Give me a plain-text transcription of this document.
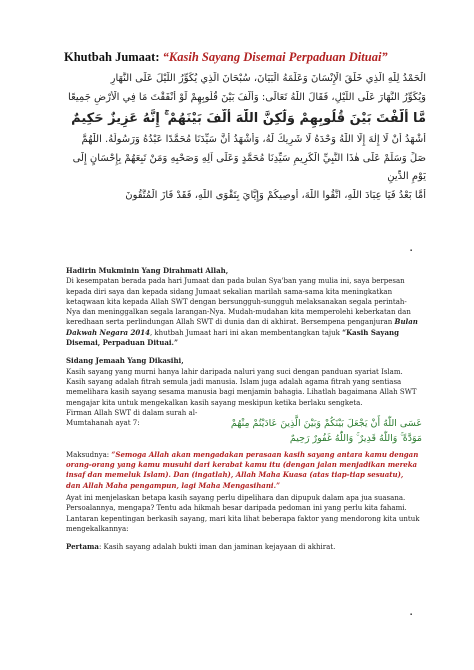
Khutbah Jumaat: “Kasih Sayang Disemai Perpaduan Dituai”
الْحَمْدُ لِلّٰهِ الَّذِي خَلَقَ الْإِنْسَانَ وَعَلَّمَهُ الْبَيَانَ، سُبْحَانَ الَّذِي يُكَوِّرُ اللَّيْلَ عَلَى النَّهَارِ
وَيُكَوِّرُ النَّهَارَ عَلَى اللَّيْلِ، فَقَالَ اللّٰهُ تَعَالَى: وَأَلَّفَ بَيْنَ قُلُوبِهِمْ لَوْ أَنْفَقْتَ مَا فِي الْأَرْضِ جَمِيعًا
مَّا أَلَّفْتَ بَيْنَ قُلُوبِهِمْ وَلَٰكِنَّ اللّٰهَ أَلَّفَ بَيْنَهُمْ ۚ إِنَّهُ عَزِيزٌ حَكِيمٌ
أَشْهَدُ أَنْ لَا إِلٰهَ إِلَّا اللّٰهُ وَحْدَهُ لَا شَرِيكَ لَهُ، وَأَشْهَدُ أَنَّ سَيِّدَنَا مُحَمَّدًا عَبْدُهُ وَرَسُولُهُ. اللّٰهُمَّ
صَلِّ وَسَلِّمْ عَلَى هٰذَا النَّبِيِّ الْكَرِيمِ سَيِّدِنَا مُحَمَّدٍ وَعَلَى آلِهِ وَصَحْبِهِ وَمَنْ تَبِعَهُمْ بِإِحْسَانٍ إِلَى
يَوْمِ الدِّينِ
أَمَّا بَعْدُ فَيَا عِبَادَ اللّٰهِ، اتَّقُوا اللّٰهَ، أُوصِيكُمْ وَإِيَّايَ بِتَقْوَى اللّٰهِ، فَقَدْ فَازَ الْمُتَّقُونَ
▪

Hadirin Mukminin Yang Dirahmati Allah,
Di kesempatan berada pada hari Jumaat dan pada bulan Sya'ban yang mulia ini, saya berpesan kepada diri saya dan kepada sidang Jumaat sekalian marilah sama-sama kita meningkatkan ketaqwaan kita kepada Allah SWT dengan bersungguh-sungguh melaksanakan segala perintah-Nya dan meninggalkan segala larangan-Nya. Mudah-mudahan kita memperolehi keberkatan dan keredhaan serta perlindungan Allah SWT di dunia dan di akhirat. Bersempena penganjuran Bulan Dakwah Negara 2014, khutbah Jumaat hari ini akan membentangkan tajuk “Kasih Sayang Disemai, Perpaduan Dituai.”

Sidang Jemaah Yang Dikasihi,
Kasih sayang yang murni hanya lahir daripada naluri yang suci dengan panduan syariat Islam. Kasih sayang adalah fitrah semula jadi manusia. Islam juga adalah agama fitrah yang sentiasa memelihara kasih sayang sesama manusia bagi menjamin bahagia. Lihatlah bagaimana Allah SWT mengajar kita untuk mengekalkan kasih sayang meskipun ketika berlaku sengketa.

Firman Allah SWT di dalam surah al-Mumtahanah ayat 7:	عَسَى اللّٰهُ أَنْ يَجْعَلَ بَيْنَكُمْ وَبَيْنَ الَّذِينَ عَادَيْتُمْ مِنْهُمْ مَوَدَّةً ۚ وَاللّٰهُ قَدِيرٌ ۚ وَاللّٰهُ غَفُورٌ رَحِيمٌ

Maksudnya: “Semoga Allah akan mengadakan perasaan kasih sayang antara kamu dengan orang-orang yang kamu musuhi dari kerabat kamu itu (dengan jalan menjadikan mereka insaf dan memeluk Islam). Dan (ingatlah), Allah Maha Kuasa (atas tiap-tiap sesuatu), dan Allah Maha pengampun, lagi Maha Mengasihani.”

Ayat ini menjelaskan betapa kasih sayang perlu dipelihara dan dipupuk dalam apa jua suasana. Persoalannya, mengapa? Tentu ada hikmah besar daripada pedoman ini yang perlu kita fahami. Lantaran kepentingan berkasih sayang, mari kita lihat beberapa faktor yang mendorong kita untuk mengekalkannya:

Pertama: Kasih sayang adalah bukti iman dan jaminan kejayaan di akhirat.

▪
